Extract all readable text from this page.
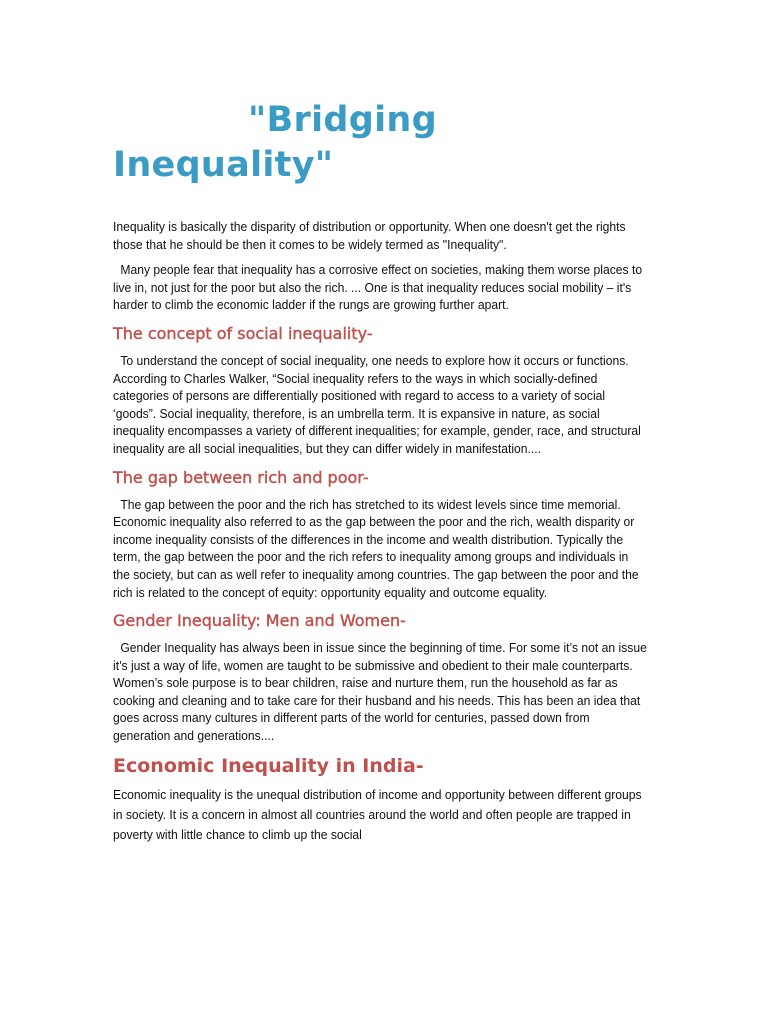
"Bridging
Inequality"

Inequality is basically the disparity of distribution or opportunity. When one doesn't get the rights those that he should be then it comes to be widely termed as "Inequality".

Many people fear that inequality has a corrosive effect on societies, making them worse places to live in, not just for the poor but also the rich. ... One is that inequality reduces social mobility – it's harder to climb the economic ladder if the rungs are growing further apart.

The concept of social inequality-

To understand the concept of social inequality, one needs to explore how it occurs or functions. According to Charles Walker, “Social inequality refers to the ways in which socially-defined categories of persons are differentially positioned with regard to access to a variety of social ‘goods”. Social inequality, therefore, is an umbrella term. It is expansive in nature, as social inequality encompasses a variety of different inequalities; for example, gender, race, and structural inequality are all social inequalities, but they can differ widely in manifestation....

The gap between rich and poor-

The gap between the poor and the rich has stretched to its widest levels since time memorial. Economic inequality also referred to as the gap between the poor and the rich, wealth disparity or income inequality consists of the differences in the income and wealth distribution. Typically the term, the gap between the poor and the rich refers to inequality among groups and individuals in the society, but can as well refer to inequality among countries. The gap between the poor and the rich is related to the concept of equity: opportunity equality and outcome equality.

Gender Inequality: Men and Women-

Gender Inequality has always been in issue since the beginning of time. For some it’s not an issue it’s just a way of life, women are taught to be submissive and obedient to their male counterparts. Women’s sole purpose is to bear children, raise and nurture them, run the household as far as cooking and cleaning and to take care for their husband and his needs. This has been an idea that goes across many cultures in different parts of the world for centuries, passed down from generation and generations....

Economic Inequality in India-

Economic inequality is the unequal distribution of income and opportunity between different groups in society. It is a concern in almost all countries around the world and often people are trapped in poverty with little chance to climb up the social
